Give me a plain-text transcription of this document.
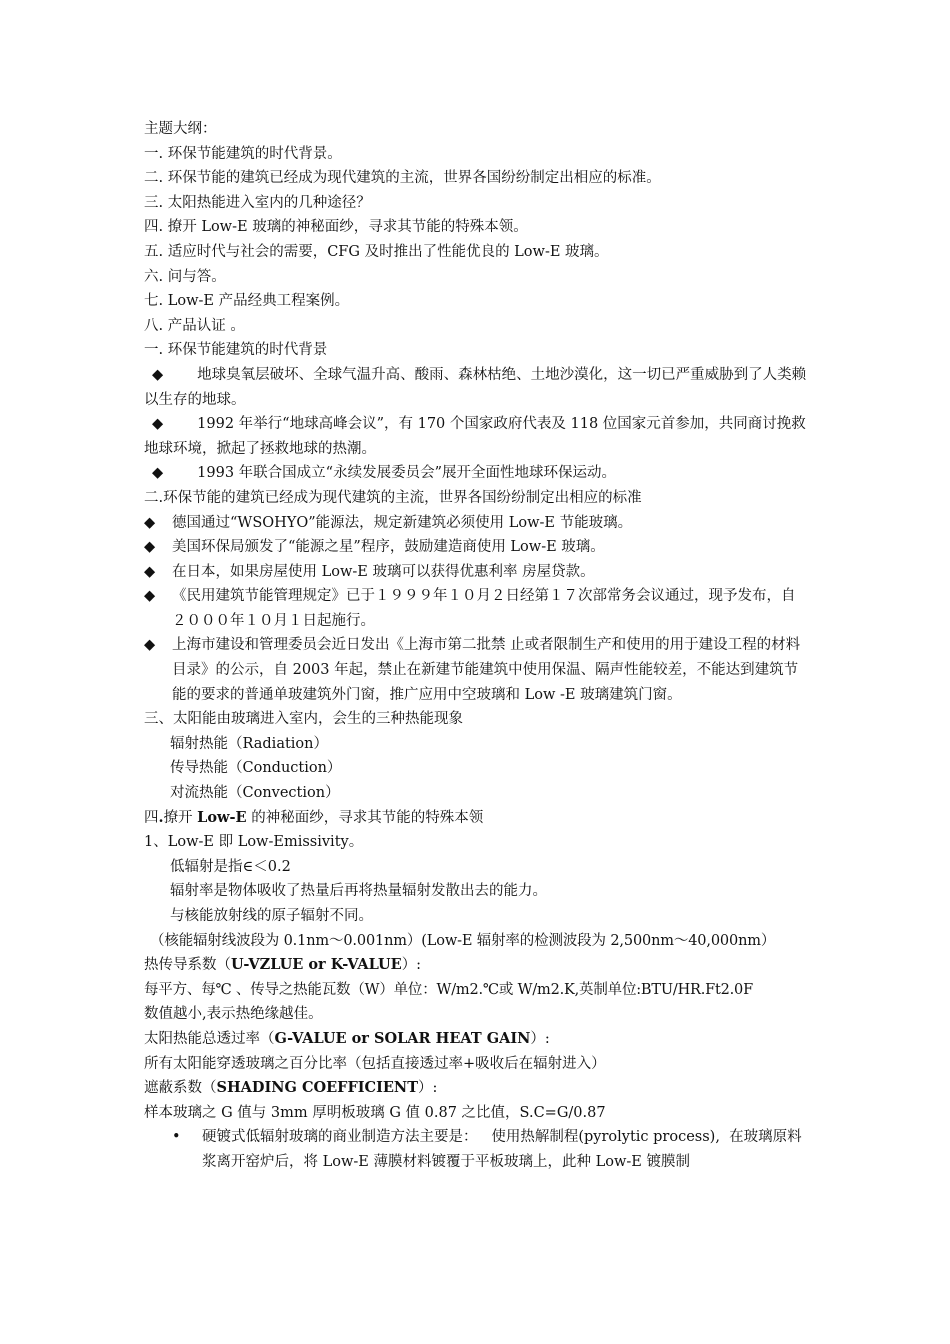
主题大纲：
一. 环保节能建筑的时代背景。
二. 环保节能的建筑已经成为现代建筑的主流，世界各国纷纷制定出相应的标准。
三. 太阳热能进入室内的几种途径？
四. 撩开 Low-E 玻璃的神秘面纱，寻求其节能的特殊本领。
五. 适应时代与社会的需要，CFG 及时推出了性能优良的 Low-E 玻璃。
六. 问与答。
七. Low-E 产品经典工程案例。
八. 产品认证 。
一. 环保节能建筑的时代背景
◆ 地球臭氧层破坏、全球气温升高、酸雨、森林枯绝、土地沙漠化，这一切已严重威胁到了人类赖以生存的地球。
◆ 1992 年举行“地球高峰会议”，有 170 个国家政府代表及 118 位国家元首参加，共同商讨挽救地球环境，掀起了拯救地球的热潮。
◆ 1993 年联合国成立“永续发展委员会”展开全面性地球环保运动。
二.环保节能的建筑已经成为现代建筑的主流，世界各国纷纷制定出相应的标准
◆	德国通过“WSOHYO”能源法，规定新建筑必须使用 Low-E 节能玻璃。
◆	美国环保局颁发了“能源之星”程序，鼓励建造商使用 Low-E 玻璃。
◆	在日本，如果房屋使用 Low-E 玻璃可以获得优惠利率 房屋贷款。
◆	《民用建筑节能管理规定》已于１９９９年１０月２日经第１７次部常务会议通过，现予发布，自２０００年１０月１日起施行。
◆	上海市建设和管理委员会近日发出《上海市第二批禁 止或者限制生产和使用的用于建设工程的材料目录》的公示，自 2003 年起，禁止在新建节能建筑中使用保温、隔声性能较差，不能达到建筑节能的要求的普通单玻建筑外门窗，推广应用中空玻璃和 Low -E 玻璃建筑门窗。
三、太阳能由玻璃进入室内，会生的三种热能现象
辐射热能（Radiation）
传导热能（Conduction）
对流热能（Convection）
四.撩开 Low-E 的神秘面纱，寻求其节能的特殊本领
1、Low-E 即 Low-Emissivity。
低辐射是指∈＜0.2
辐射率是物体吸收了热量后再将热量辐射发散出去的能力。
与核能放射线的原子辐射不同。
（核能辐射线波段为 0.1nm～0.001nm）(Low-E 辐射率的检测波段为 2,500nm～40,000nm）
热传导系数（U-VZLUE or K-VALUE）:
每平方、每℃ 、传导之热能瓦数（W）单位：W/m2.℃或 W/m2.K,英制单位:BTU/HR.Ft2.0F
数值越小,表示热绝缘越佳。
太阳热能总透过率（G-VALUE or SOLAR HEAT GAIN）:
所有太阳能穿透玻璃之百分比率（包括直接透过率+吸收后在辐射进入）
遮蔽系数（SHADING COEFFICIENT）:
样本玻璃之 G 值与 3mm 厚明板玻璃 G 值 0.87 之比值，S.C=G/0.87
•	硬镀式低辐射玻璃的商业制造方法主要是：   使用热解制程(pyrolytic process),  在玻璃原料浆离开窑炉后，将 Low-E 薄膜材料镀覆于平板玻璃上，此种 Low-E 镀膜制
